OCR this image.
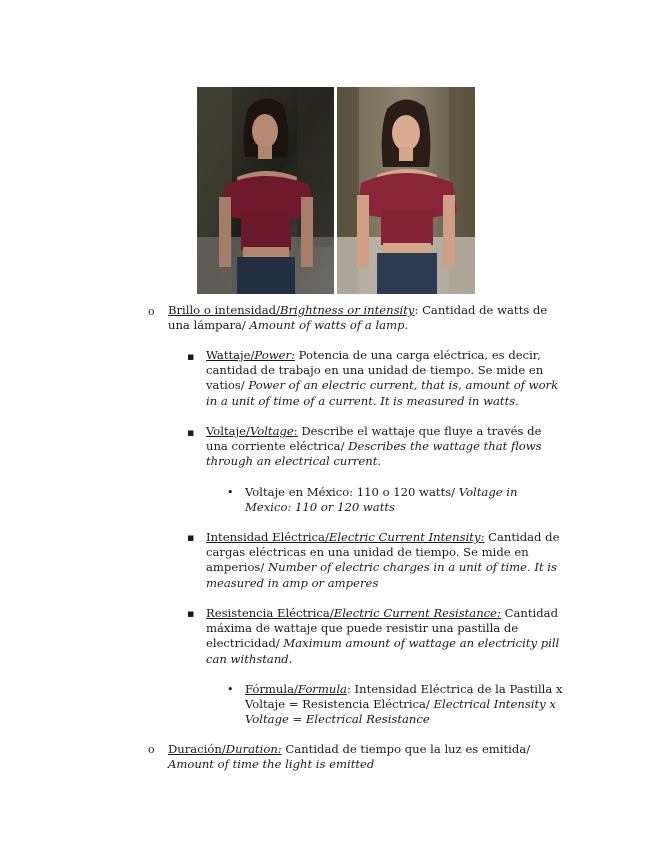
o Brillo o intensidad/Brightness or intensity: Cantidad de watts de una lámpara/ Amount of watts of a lamp.

▪ Wattaje/Power: Potencia de una carga eléctrica, es decir, cantidad de trabajo en una unidad de tiempo. Se mide en vatios/ Power of an electric current, that is, amount of work in a unit of time of a current. It is measured in watts.

▪ Voltaje/Voltage: Describe el wattaje que fluye a través de una corriente eléctrica/ Describes the wattage that flows through an electrical current.

• Voltaje en México: 110 o 120 watts/ Voltage in Mexico: 110 or 120 watts

▪ Intensidad Eléctrica/Electric Current Intensity: Cantidad de cargas eléctricas en una unidad de tiempo. Se mide en amperios/ Number of electric charges in a unit of time. It is measured in amp or amperes

▪ Resistencia Eléctrica/Electric Current Resistance: Cantidad máxima de wattaje que puede resistir una pastilla de electricidad/ Maximum amount of wattage an electricity pill can withstand.

• Fórmula/Formula: Intensidad Eléctrica de la Pastilla x Voltaje = Resistencia Eléctrica/ Electrical Intensity x Voltage = Electrical Resistance

o Duración/Duration: Cantidad de tiempo que la luz es emitida/ Amount of time the light is emitted
